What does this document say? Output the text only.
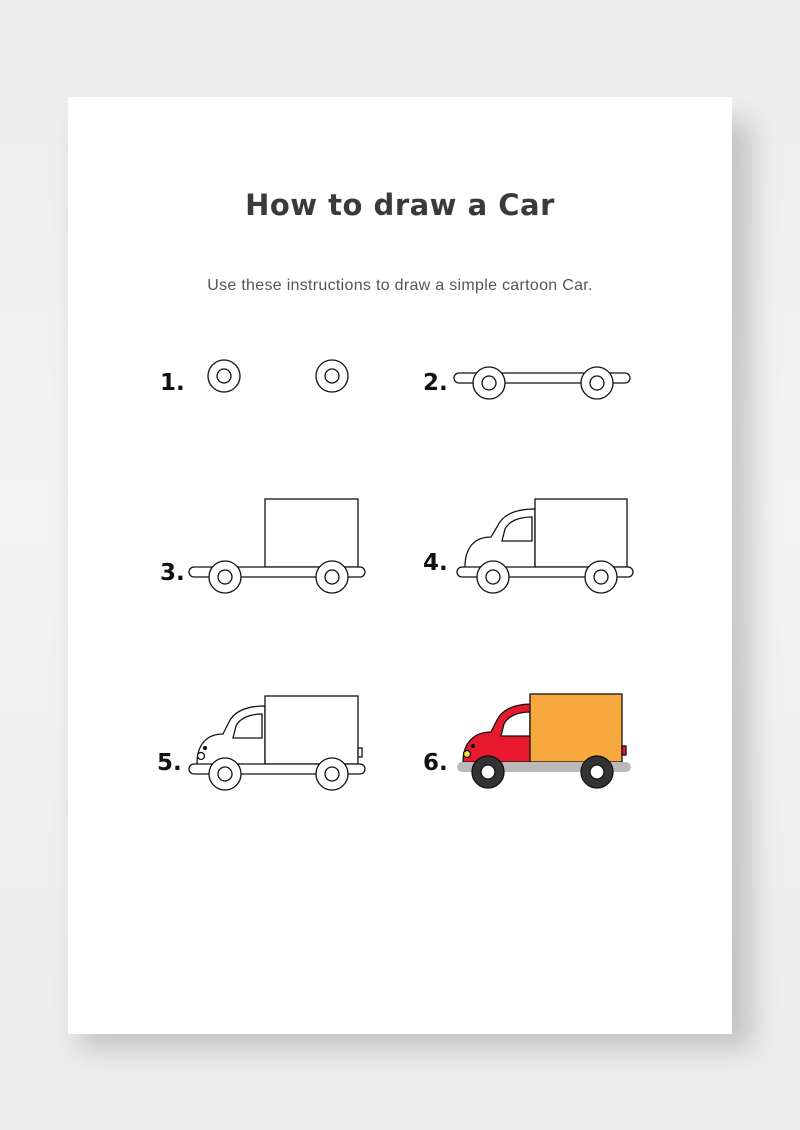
How to draw a Car
Use these instructions to draw a simple cartoon Car.
1.	2.
3.	4.
5.	6.
